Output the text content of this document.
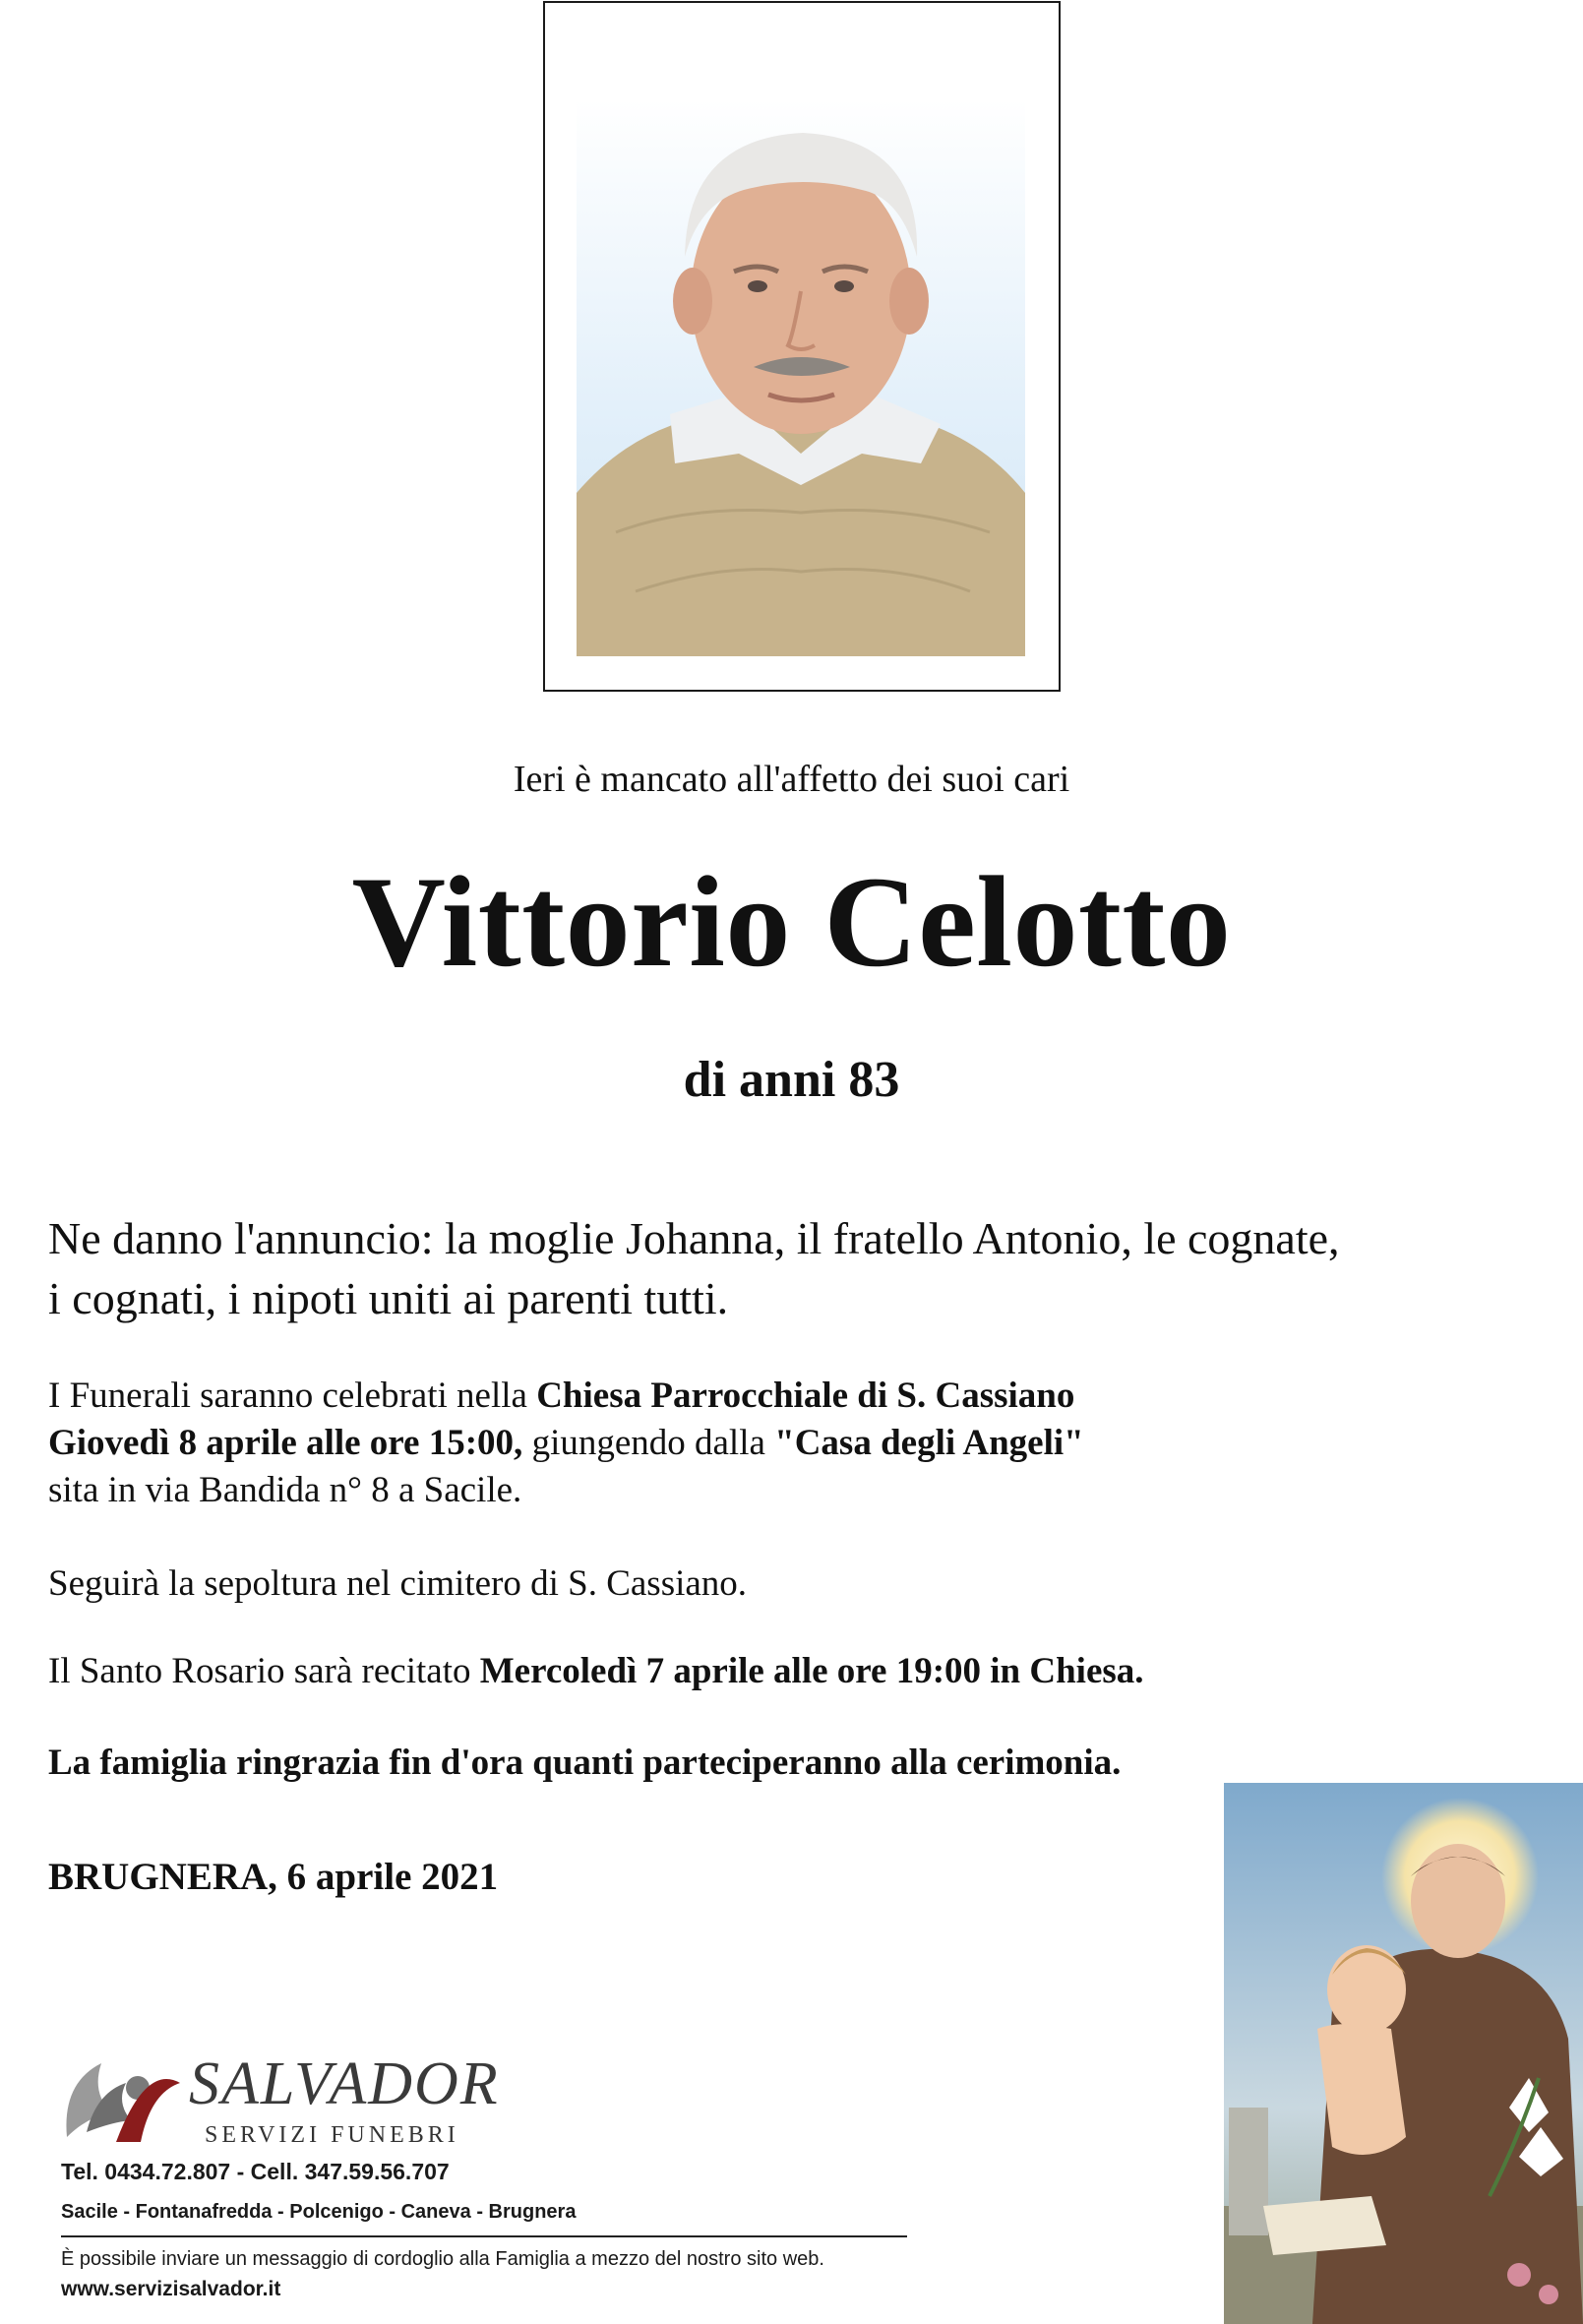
Ieri è mancato all'affetto dei suoi cari
Vittorio Celotto
di anni 83
Ne danno l'annuncio: la moglie Johanna, il fratello Antonio, le cognate,
i cognati, i nipoti uniti ai parenti tutti.
I Funerali saranno celebrati nella Chiesa Parrocchiale di S. Cassiano
Giovedì 8 aprile alle ore 15:00, giungendo dalla "Casa degli Angeli"
sita in via Bandida n° 8 a Sacile.
Seguirà la sepoltura nel cimitero di S. Cassiano.
Il Santo Rosario sarà recitato Mercoledì 7 aprile alle ore 19:00 in Chiesa.
La famiglia ringrazia fin d'ora quanti parteciperanno alla cerimonia.
BRUGNERA, 6 aprile 2021
SALVADOR
SERVIZI FUNEBRI
Tel. 0434.72.807 - Cell. 347.59.56.707
Sacile - Fontanafredda - Polcenigo - Caneva - Brugnera
È possibile inviare un messaggio di cordoglio alla Famiglia a mezzo del nostro sito web.
www.servizisalvador.it
